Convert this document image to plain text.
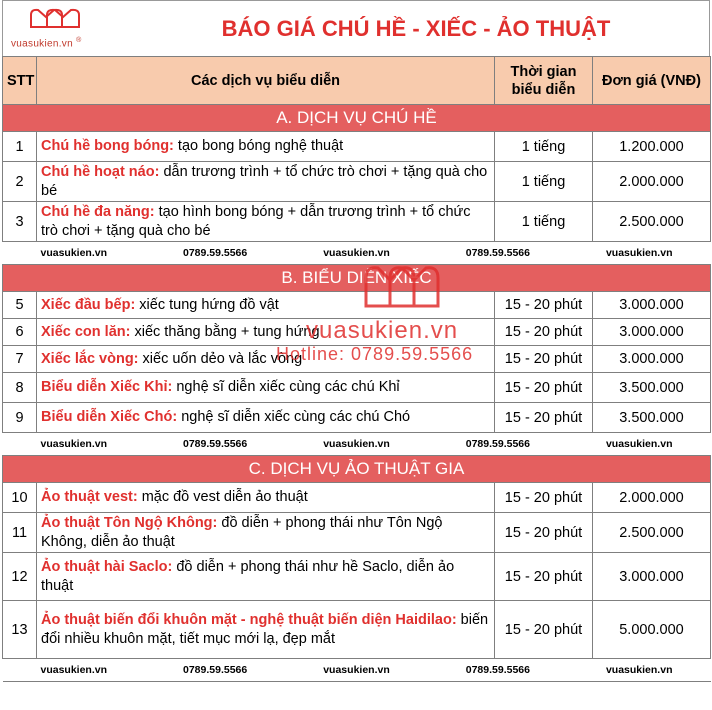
vuasukien.vn ®	BÁO GIÁ CHÚ HỀ - XIẾC - ẢO THUẬT
STT	Các dịch vụ biểu diễn	Thời gian biểu diễn	Đơn giá (VNĐ)
A. DỊCH VỤ CHÚ HỀ			
1	Chú hề bong bóng: tạo bong bóng nghệ thuật	1 tiếng	1.200.000
2	Chú hề hoạt náo: dẫn trương trình + tổ chức trò chơi + tặng quà cho bé	1 tiếng	2.000.000
3	Chú hề đa năng: tạo hình bong bóng + dẫn trương trình + tổ chức trò chơi + tặng quà cho bé	1 tiếng	2.500.000

vuasukien.vn 0789.59.5566 vuasukien.vn 0789.59.5566 vuasukien.vn			

B. BIỂU DIỄN XIẾC			
5	Xiếc đầu bếp: xiếc tung hứng đồ vật	15 - 20 phút	3.000.000
6	Xiếc con lăn: xiếc thăng bằng + tung hứng	15 - 20 phút	3.000.000
7	Xiếc lắc vòng: xiếc uốn dẻo và lắc vòng	15 - 20 phút	3.000.000
8	Biểu diễn Xiếc Khỉ: nghệ sĩ diễn xiếc cùng các chú Khỉ	15 - 20 phút	3.500.000
9	Biểu diễn Xiếc Chó: nghệ sĩ diễn xiếc cùng các chú Chó	15 - 20 phút	3.500.000

vuasukien.vn 0789.59.5566 vuasukien.vn 0789.59.5566 vuasukien.vn			

C. DỊCH VỤ ẢO THUẬT GIA			
10	Ảo thuật vest: mặc đồ vest diễn ảo thuật	15 - 20 phút	2.000.000
11	Ảo thuật Tôn Ngộ Không: đồ diễn + phong thái như Tôn Ngộ Không, diễn ảo thuật	15 - 20 phút	2.500.000
12	Ảo thuật hài Saclo: đồ diễn + phong thái như hề Saclo, diễn ảo thuật	15 - 20 phút	3.000.000
13	Ảo thuật biến đổi khuôn mặt - nghệ thuật biến diện Haidilao: biến đổi nhiều khuôn mặt, tiết mục mới lạ, đẹp mắt	15 - 20 phút	5.000.000

vuasukien.vn 0789.59.5566 vuasukien.vn 0789.59.5566 vuasukien.vn			
vuasukien.vn
Hotline: 0789.59.5566
